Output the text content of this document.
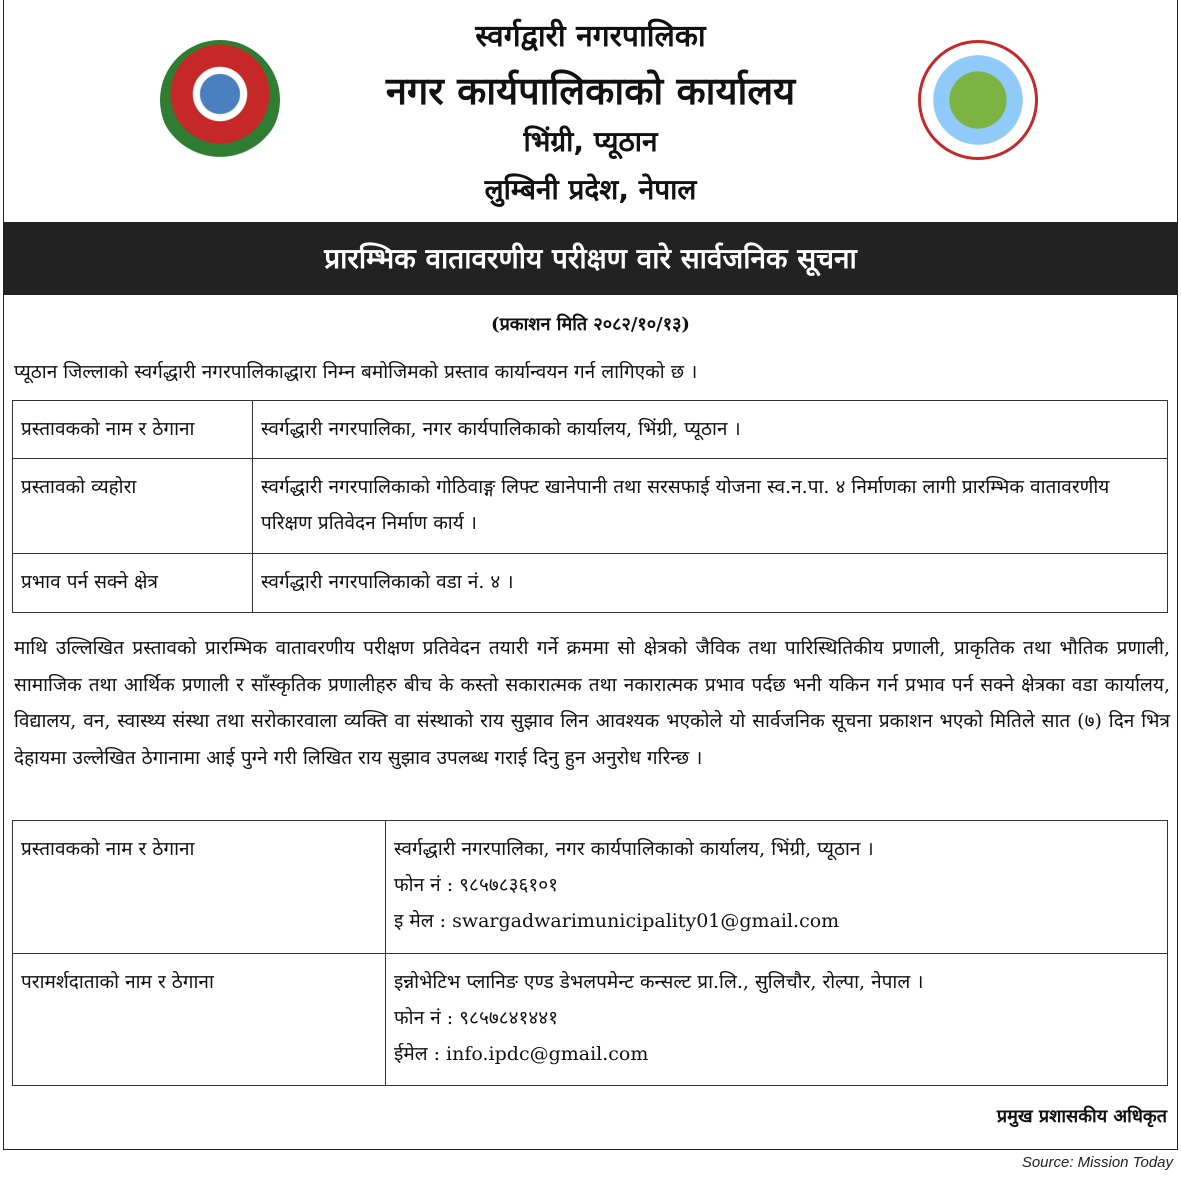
स्वर्गद्वारी नगरपालिका
नगर कार्यपालिकाको कार्यालय
भिंग्री, प्यूठान
लुम्बिनी प्रदेश, नेपाल
प्रारम्भिक वातावरणीय परीक्षण वारे सार्वजनिक सूचना
(प्रकाशन मिति २०८२/१०/१३)
प्यूठान जिल्लाको स्वर्गद्धारी नगरपालिकाद्धारा निम्न बमोजिमको प्रस्ताव कार्यान्वयन गर्न लागिएको छ ।
प्रस्तावकको नाम र ठेगाना	स्वर्गद्धारी नगरपालिका, नगर कार्यपालिकाको कार्यालय, भिंग्री, प्यूठान ।
प्रस्तावको व्यहोरा	स्वर्गद्धारी नगरपालिकाको गोठिवाङ्ग लिफ्ट खानेपानी तथा सरसफाई योजना स्व.न.पा. ४ निर्माणका लागी प्रारम्भिक वातावरणीय परिक्षण प्रतिवेदन निर्माण कार्य ।
प्रभाव पर्न सक्ने क्षेत्र	स्वर्गद्धारी नगरपालिकाको वडा नं. ४ ।
माथि उल्लिखित प्रस्तावको प्रारम्भिक वातावरणीय परीक्षण प्रतिवेदन तयारी गर्ने क्रममा सो क्षेत्रको जैविक तथा पारिस्थितिकीय प्रणाली, प्राकृतिक तथा भौतिक प्रणाली, सामाजिक तथा आर्थिक प्रणाली र साँस्कृतिक प्रणालीहरु बीच के कस्तो सकारात्मक तथा नकारात्मक प्रभाव पर्दछ भनी यकिन गर्न प्रभाव पर्न सक्ने क्षेत्रका वडा कार्यालय, विद्यालय, वन, स्वास्थ्य संस्था तथा सरोकारवाला व्यक्ति वा संस्थाको राय सुझाव लिन आवश्यक भएकोले यो सार्वजनिक सूचना प्रकाशन भएको मितिले सात (७) दिन भित्र देहायमा उल्लेखित ठेगानामा आई पुग्ने गरी लिखित राय सुझाव उपलब्ध गराई दिनु हुन अनुरोध गरिन्छ ।
प्रस्तावकको नाम र ठेगाना	स्वर्गद्धारी नगरपालिका, नगर कार्यपालिकाको कार्यालय, भिंग्री, प्यूठान ।
फोन नं : ९८५७८३६१०१
इ मेल : swargadwarimunicipality01@gmail.com

परामर्शदाताको नाम र ठेगाना	इन्नोभेटिभ प्लानिङ एण्ड डेभलपमेन्ट कन्सल्ट प्रा.लि., सुलिचौर, रोल्पा, नेपाल ।
फोन नं : ९८५७८४१४४१
ईमेल : info.ipdc@gmail.com
प्रमुख प्रशासकीय अधिकृत
Source: Mission Today
